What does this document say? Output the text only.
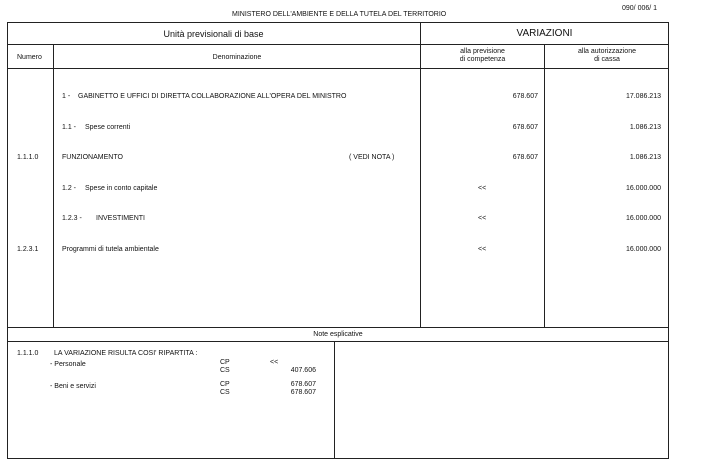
MINISTERO DELL'AMBIENTE E DELLA TUTELA DEL TERRITORIO
090/ 006/ 1
Unità previsionali di base	VARIAZIONI
Numero	Denominazione
alla previsione
di competenza
alla autorizzazione
di cassa
1 - GABINETTO E UFFICI DI DIRETTA COLLABORAZIONE ALL'OPERA DEL MINISTRO	678.607	17.086.213
1.1 - Spese correnti	678.607	1.086.213
1.1.1.0	FUNZIONAMENTO	( VEDI NOTA )	678.607	1.086.213
1.2 - Spese in conto capitale	<<	16.000.000
1.2.3 - INVESTIMENTI	<<	16.000.000
1.2.3.1	Programmi di tutela ambientale	<<	16.000.000
Note esplicative
1.1.1.0 LA VARIAZIONE RISULTA COSI' RIPARTITA :
- Personale	CP	<<
CS	407.606
- Beni e servizi	CP	678.607
CS	678.607
